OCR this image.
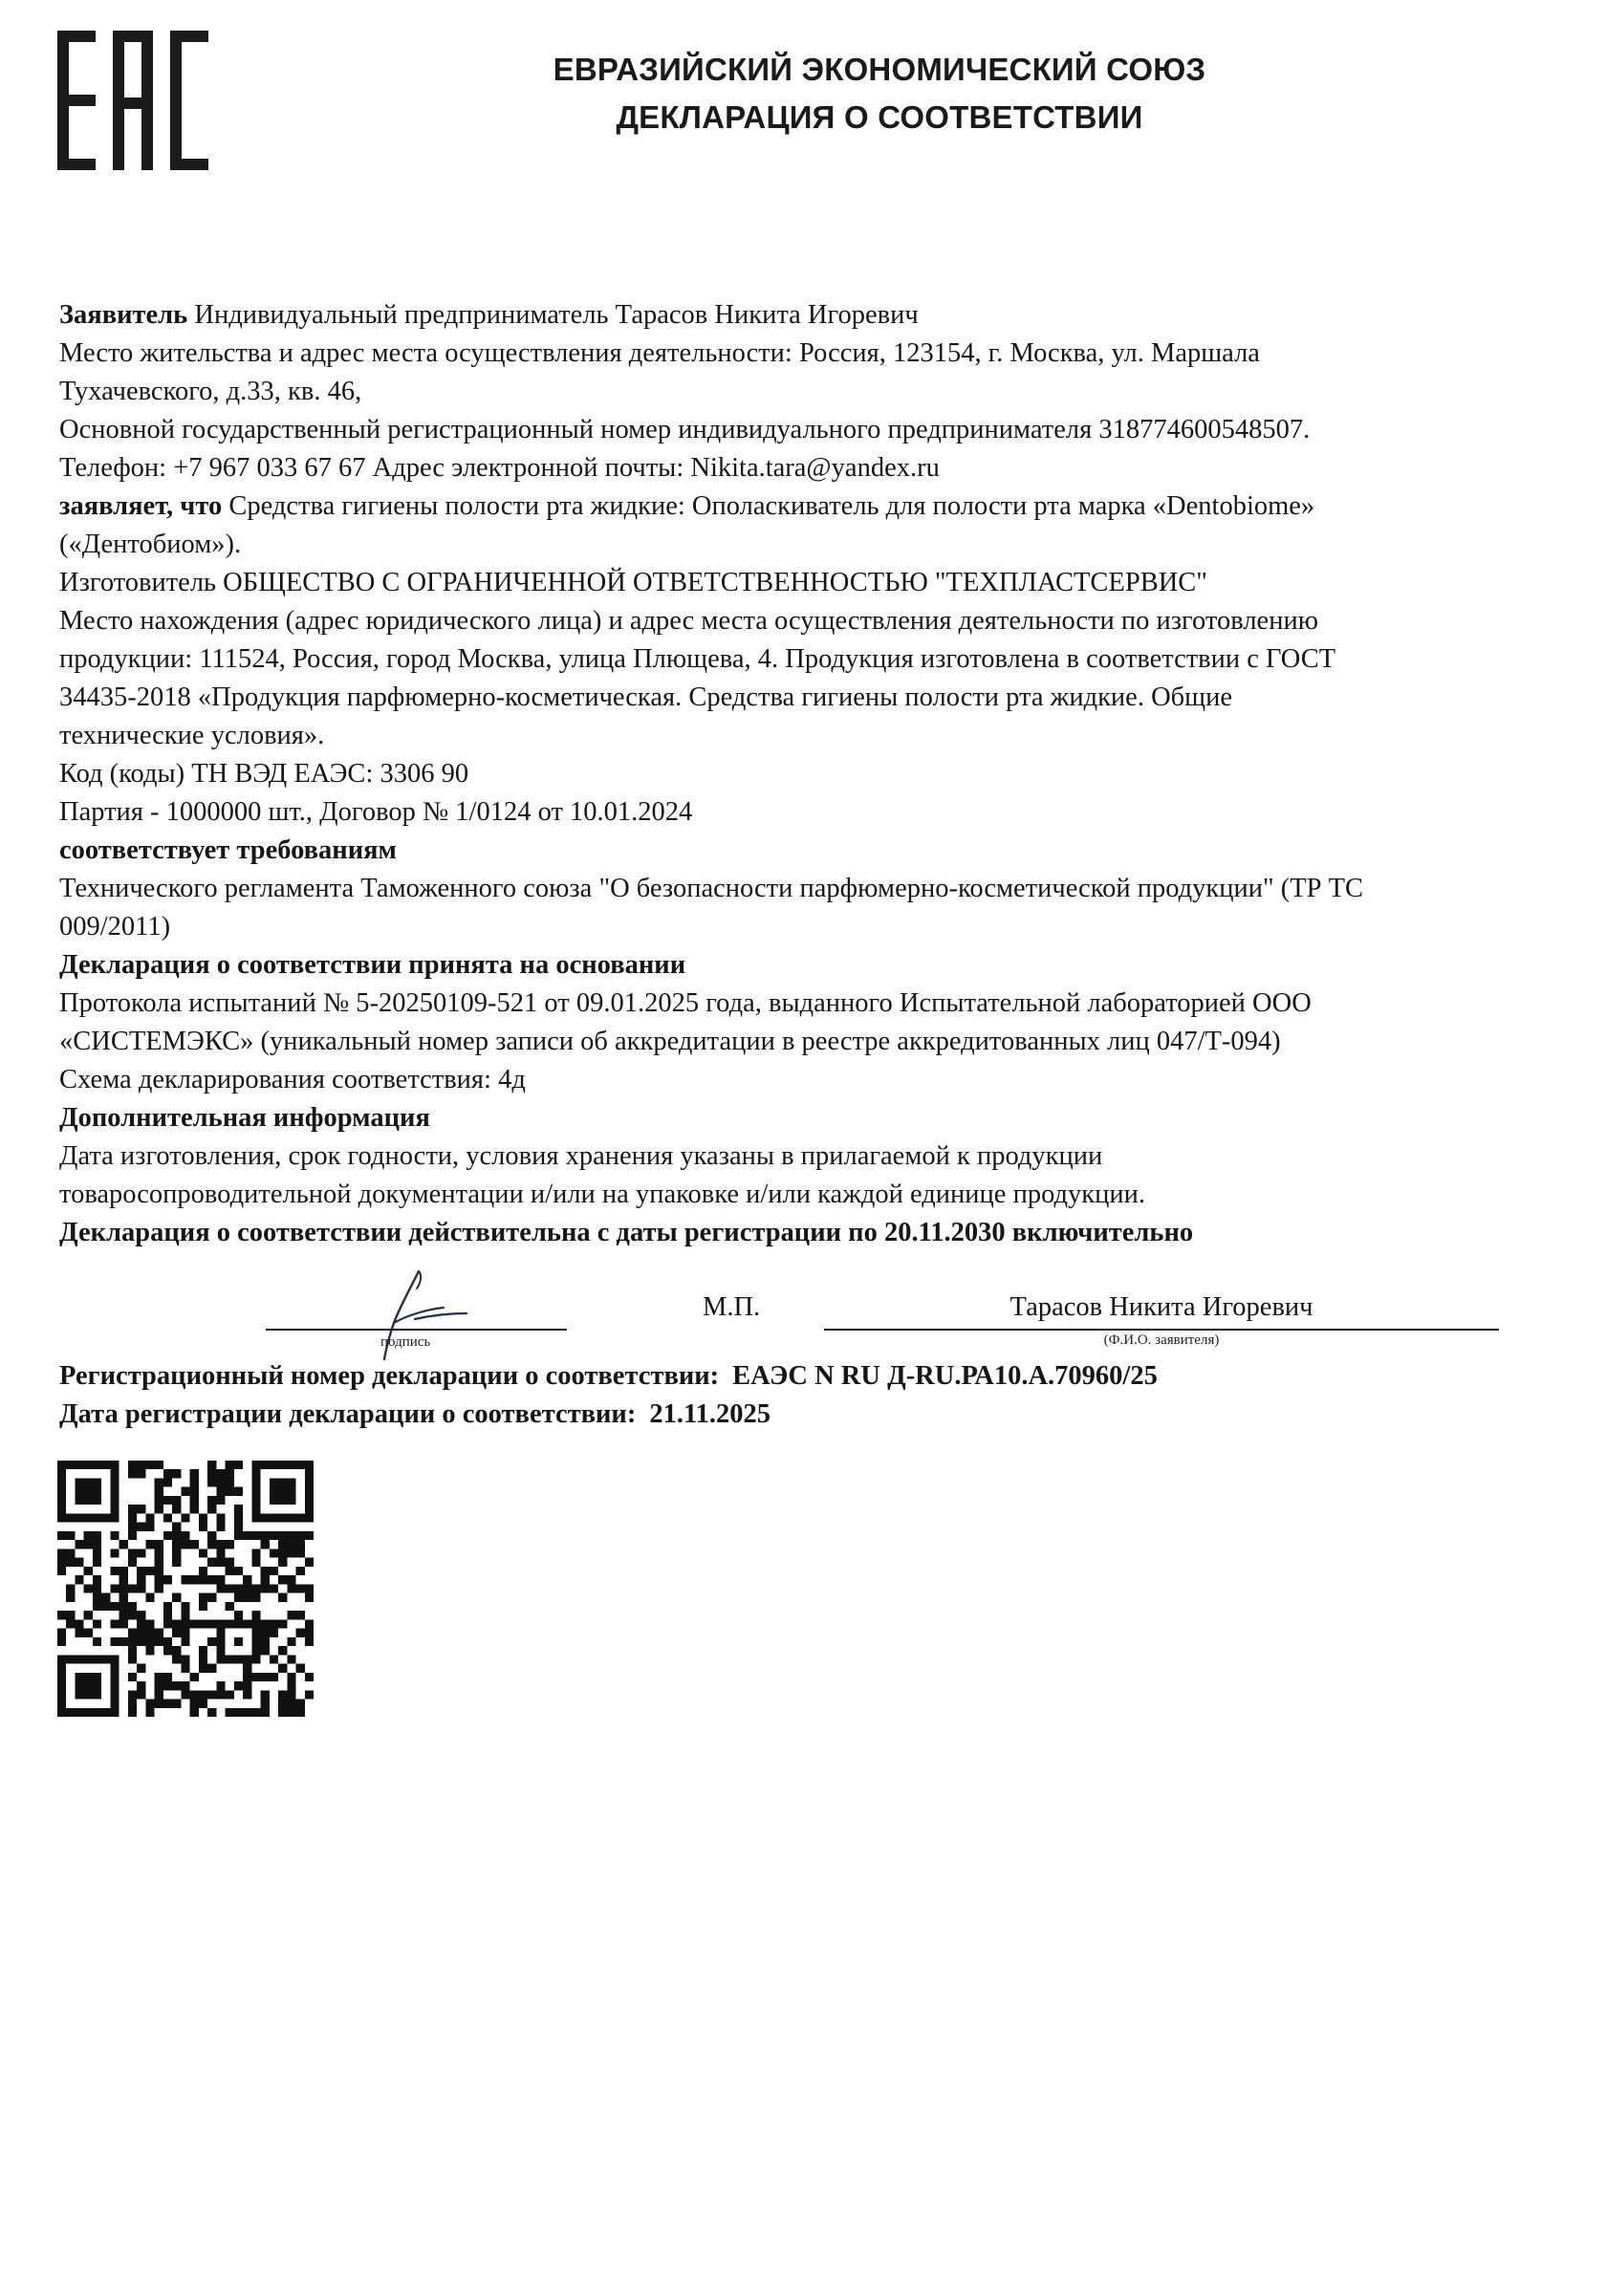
ЕВРАЗИЙСКИЙ ЭКОНОМИЧЕСКИЙ СОЮЗ
ДЕКЛАРАЦИЯ О СООТВЕТСТВИИ

Заявитель Индивидуальный предприниматель Тарасов Никита Игоревич

Место жительства и адрес места осуществления деятельности: Россия, 123154, г. Москва, ул. Маршала

Тухачевского, д.33, кв. 46,

Основной государственный регистрационный номер индивидуального предпринимателя 318774600548507.

Телефон: +7 967 033 67 67 Адрес электронной почты: Nikita.tara@yandex.ru

заявляет, что Средства гигиены полости рта жидкие: Ополаскиватель для полости рта марка «Dentobiome»

(«Дентобиом»).

Изготовитель ОБЩЕСТВО С ОГРАНИЧЕННОЙ ОТВЕТСТВЕННОСТЬЮ "ТЕХПЛАСТСЕРВИС"

Место нахождения (адрес юридического лица) и адрес места осуществления деятельности по изготовлению

продукции: 111524, Россия, город Москва, улица Плющева, 4. Продукция изготовлена в соответствии с ГОСТ

34435-2018 «Продукция парфюмерно-косметическая. Средства гигиены полости рта жидкие. Общие

технические условия».

Код (коды) ТН ВЭД ЕАЭС: 3306 90

Партия - 1000000 шт., Договор № 1/0124 от 10.01.2024

соответствует требованиям

Технического регламента Таможенного союза "О безопасности парфюмерно-косметической продукции" (ТР ТС

009/2011)

Декларация о соответствии принята на основании

Протокола испытаний № 5-20250109-521 от 09.01.2025 года, выданного Испытательной лабораторией ООО

«СИСТЕМЭКС» (уникальный номер записи об аккредитации в реестре аккредитованных лиц 047/Т-094)

Схема декларирования соответствия: 4д

Дополнительная информация

Дата изготовления, срок годности, условия хранения указаны в прилагаемой к продукции

товаросопроводительной документации и/или на упаковке и/или каждой единице продукции.

Декларация о соответствии действительна с даты регистрации по 20.11.2030 включительно
подпись
М.П.	Тарасов Никита Игоревич
(Ф.И.О. заявителя)
Регистрационный номер декларации о соответствии: ЕАЭС N RU Д-RU.РА10.А.70960/25
Дата регистрации декларации о соответствии: 21.11.2025
